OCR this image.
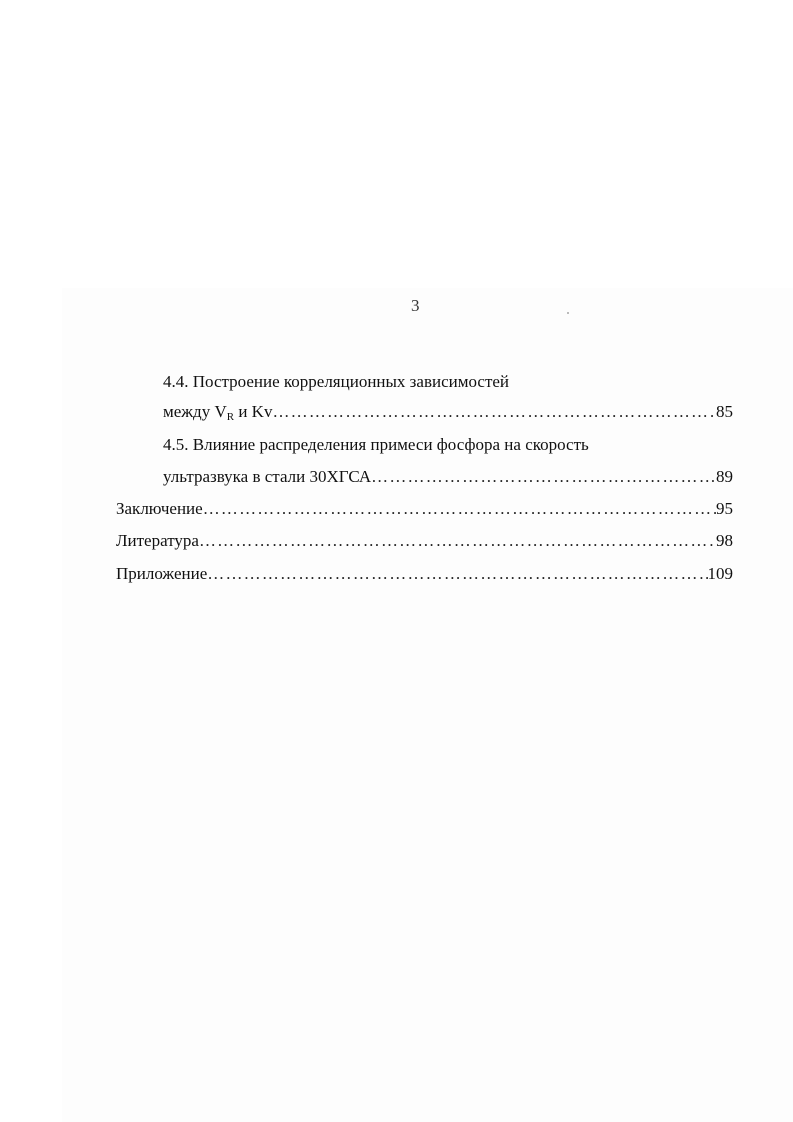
3
4.4. Построение корреляционных зависимостей
между $V_R$ и Kv …………………………………………………………………………………………………………………………………………………………	85
4.5. Влияние распределения примеси фосфора на скорость
ультразвука в стали 30ХГСА …………………………………………………………………………………………………………………………………………………………	89
Заключение …………………………………………………………………………………………………………………………………………………………	95
Литература …………………………………………………………………………………………………………………………………………………………	98
Приложение …………………………………………………………………………………………………………………………………………………………	109
